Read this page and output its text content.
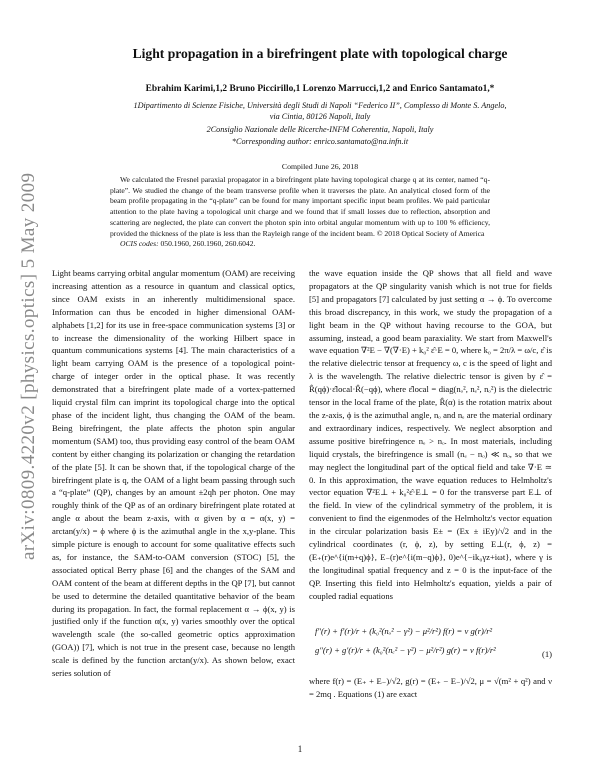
arXiv:0809.4220v2 [physics.optics] 5 May 2009
Light propagation in a birefringent plate with topological charge
Ebrahim Karimi,1,2 Bruno Piccirillo,1 Lorenzo Marrucci,1,2 and Enrico Santamato1,*
1Dipartimento di Scienze Fisiche, Università degli Studi di Napoli “Federico II”, Complesso di Monte S. Angelo,
via Cintia, 80126 Napoli, Italy
2Consiglio Nazionale delle Ricerche-INFM Coherentia, Napoli, Italy
*Corresponding author: enrico.santamato@na.infn.it
Compiled June 26, 2018
We calculated the Fresnel paraxial propagator in a birefringent plate having topological charge q at its center, named “q-plate”. We studied the change of the beam transverse profile when it traverses the plate. An analytical closed form of the beam profile propagating in the “q-plate” can be found for many important specific input beam profiles. We paid particular attention to the plate having a topological unit charge and we found that if small losses due to reflection, absorption and scattering are neglected, the plate can convert the photon spin into orbital angular momentum with up to 100 % efficiency, provided the thickness of the plate is less than the Rayleigh range of the incident beam. © 2018 Optical Society of America
OCIS codes: 050.1960, 260.1960, 260.6042.
Light beams carrying orbital angular momentum (OAM) are receiving increasing attention as a resource in quantum and classical optics, since OAM exists in an inherently multidimensional space. Information can thus be encoded in higher dimensional OAM-alphabets [1,2] for its use in free-space communication systems [3] or to increase the dimensionality of the working Hilbert space in quantum communications systems [4]. The main characteristics of a light beam carrying OAM is the presence of a topological point-charge of integer order in the optical phase. It was recently demonstrated that a birefringent plate made of a vortex-patterned liquid crystal film can imprint its topological charge into the optical phase of the incident light, thus changing the OAM of the beam. Being birefringent, the plate affects the photon spin angular momentum (SAM) too, thus providing easy control of the beam OAM content by either changing its polarization or changing the retardation of the plate [5]. It can be shown that, if the topological charge of the birefringent plate is q, the OAM of a light beam passing through such a “q-plate” (QP), changes by an amount ±2qħ per photon. One may roughly think of the QP as of an ordinary birefringent plate rotated at angle α about the beam z-axis, with α given by α = α(x, y) = arctan(y/x) = ϕ where ϕ is the azimuthal angle in the x,y-plane. This simple picture is enough to account for some qualitative effects such as, for instance, the SAM-to-OAM conversion (STOC) [5], the associated optical Berry phase [6] and the changes of the SAM and OAM content of the beam at different depths in the QP [7], but cannot be used to determine the detailed quantitative behavior of the beam during its propagation. In fact, the formal replacement α → ϕ(x, y) is justified only if the function α(x, y) varies smoothly over the optical wavelength scale (the so-called geometric optics approximation (GOA)) [7], which is not true in the present case, because no length scale is defined by the function arctan(y/x). As shown below, exact series solution of
the wave equation inside the QP shows that all field and wave propagators at the QP singularity vanish which is not true for fields [5] and propagators [7] calculated by just setting α → ϕ. To overcome this broad discrepancy, in this work, we study the propagation of a light beam in the QP without having recourse to the GOA, but assuming, instead, a good beam paraxiality. We start from Maxwell's wave equation ∇²E − ∇(∇·E) + k₀² ε̂·E = 0, where k₀ = 2π/λ = ω/c, ε̂ is the relative dielectric tensor at frequency ω, c is the speed of light and λ is the wavelength. The relative dielectric tensor is given by ε̂ = R̂(qϕ)·ε̂local·R̂(−qϕ), where ε̂local = diag(nₒ², nₑ², nₒ²) is the dielectric tensor in the local frame of the plate, R̂(α) is the rotation matrix about the z-axis, ϕ is the azimuthal angle, nₒ and nₑ are the material ordinary and extraordinary indices, respectively. We neglect absorption and assume positive birefringence nₑ > nₒ. In most materials, including liquid crystals, the birefringence is small (nₑ − nₒ) ≪ nₒ, so that we may neglect the longitudinal part of the optical field and take ∇·E ≃ 0. In this approximation, the wave equation reduces to Helmholtz's vector equation ∇²E⊥ + k₀²ε̂·E⊥ = 0 for the transverse part E⊥ of the field. In view of the cylindrical symmetry of the problem, it is convenient to find the eigenmodes of the Helmholtz's vector equation in the circular polarization basis E± = (Ex ± iEy)/√2 and in the cylindrical coordinates (r, ϕ, z), by setting E⊥(r, ϕ, z) = (E₊(r)e^{i(m+q)ϕ}, E₋(r)e^{i(m−q)ϕ}, 0)e^{−ik₀γz+iωt}, where γ is the longitudinal spatial frequency and z = 0 is the input-face of the QP. Inserting this field into Helmholtz's equation, yields a pair of coupled radial equations
f″(r) + f′(r)/r + (k₀²(nₒ² − γ²) − μ²/r²) f(r) = ν g(r)/r²
g″(r) + g′(r)/r + (k₀²(nₑ² − γ²) − μ²/r²) g(r) = ν f(r)/r²	(1)
where f(r) = (E₊ + E₋)/√2, g(r) = (E₊ − E₋)/√2, μ = √(m² + q²) and ν = 2mq . Equations (1) are exact
1
